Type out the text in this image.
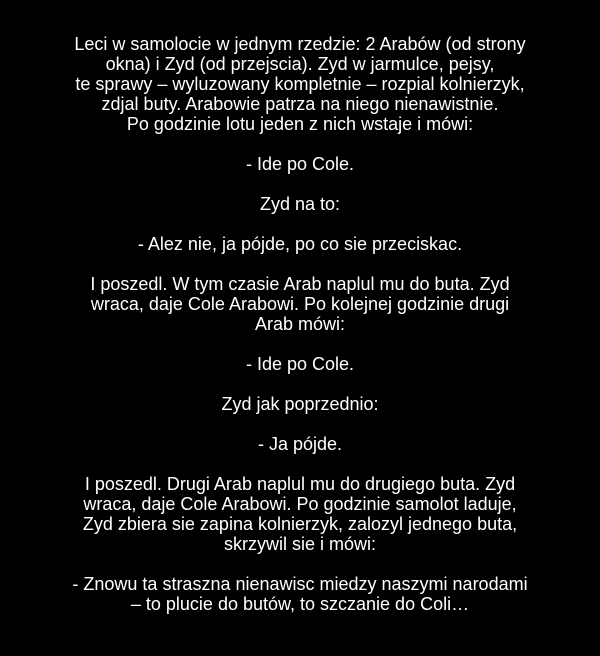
Leci w samolocie w jednym rzedzie: 2 Arabów (od strony
okna) i Zyd (od przejscia). Zyd w jarmulce, pejsy,
te sprawy – wyluzowany kompletnie – rozpial kolnierzyk,
zdjal buty. Arabowie patrza na niego nienawistnie.
Po godzinie lotu jeden z nich wstaje i mówi:
- Ide po Cole.
Zyd na to:
- Alez nie, ja pójde, po co sie przeciskac.
I poszedl. W tym czasie Arab naplul mu do buta. Zyd
wraca, daje Cole Arabowi. Po kolejnej godzinie drugi
Arab mówi:
- Ide po Cole.
Zyd jak poprzednio:
- Ja pójde.
I poszedl. Drugi Arab naplul mu do drugiego buta. Zyd
wraca, daje Cole Arabowi. Po godzinie samolot laduje,
Zyd zbiera sie zapina kolnierzyk, zalozyl jednego buta,
skrzywil sie i mówi:
- Znowu ta straszna nienawisc miedzy naszymi narodami
– to plucie do butów, to szczanie do Coli…
